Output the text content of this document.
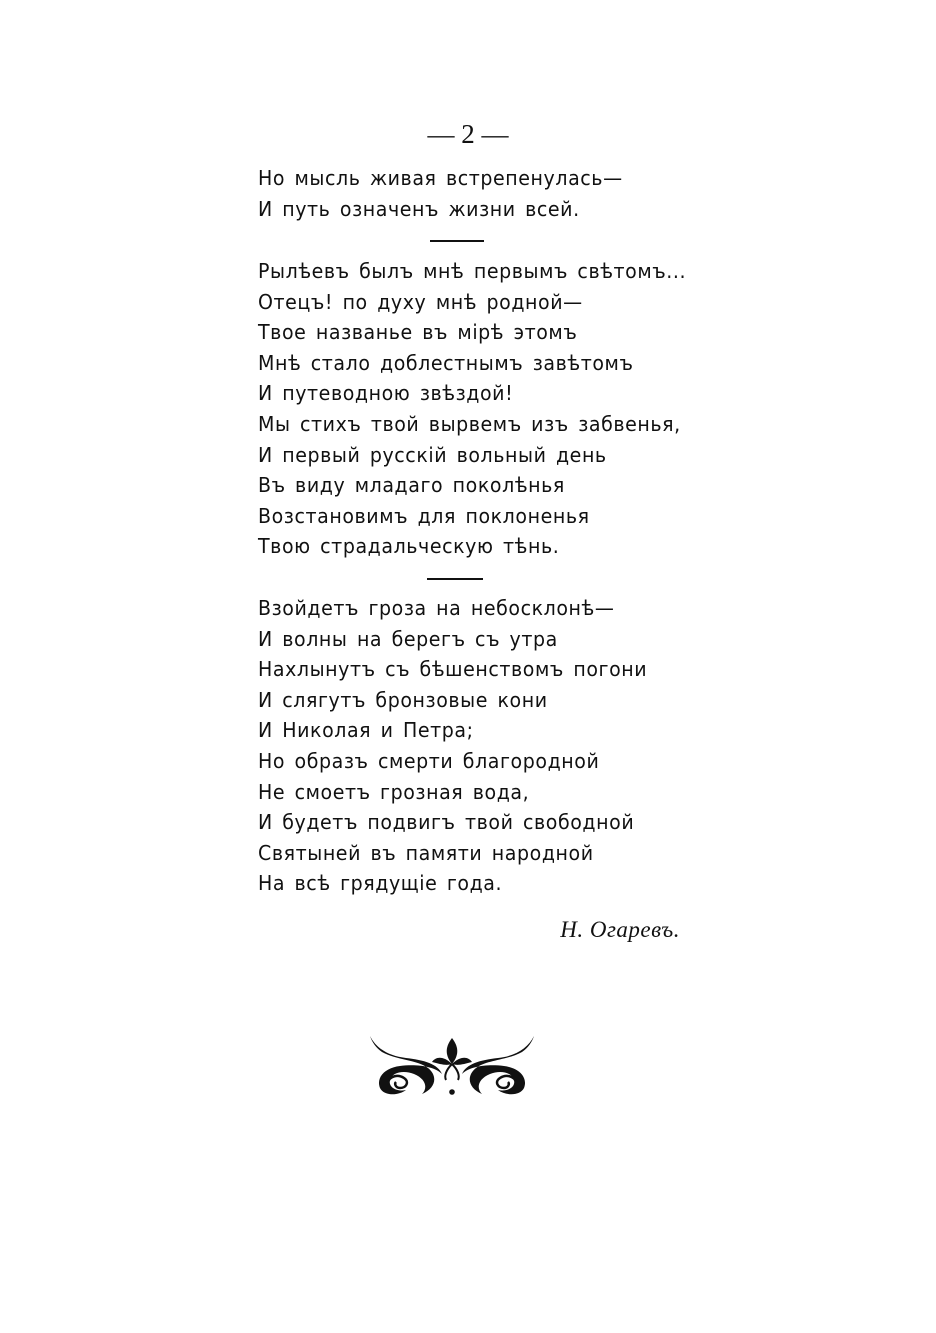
— 2 —
Но мысль живая встрепенулась—
И путь означенъ жизни всей.
Рылѣевъ былъ мнѣ первымъ свѣтомъ...
Отецъ! по духу мнѣ родной—
Твое названье въ мірѣ этомъ
Мнѣ стало доблестнымъ завѣтомъ
И путеводною звѣздой!
Мы стихъ твой вырвемъ изъ забвенья,
И первый русскій вольный день
Въ виду младаго поколѣнья
Возстановимъ для поклоненья
Твою страдальческую тѣнь.
Взойдетъ гроза на небосклонѣ—
И волны на берегъ съ утра
Нахлынутъ съ бѣшенствомъ погони
И слягутъ бронзовые кони
И Николая и Петра;
Но образъ смерти благородной
Не смоетъ грозная вода,
И будетъ подвигъ твой свободной
Святыней въ памяти народной
На всѣ грядущіе года.
Н. Огаревъ.
